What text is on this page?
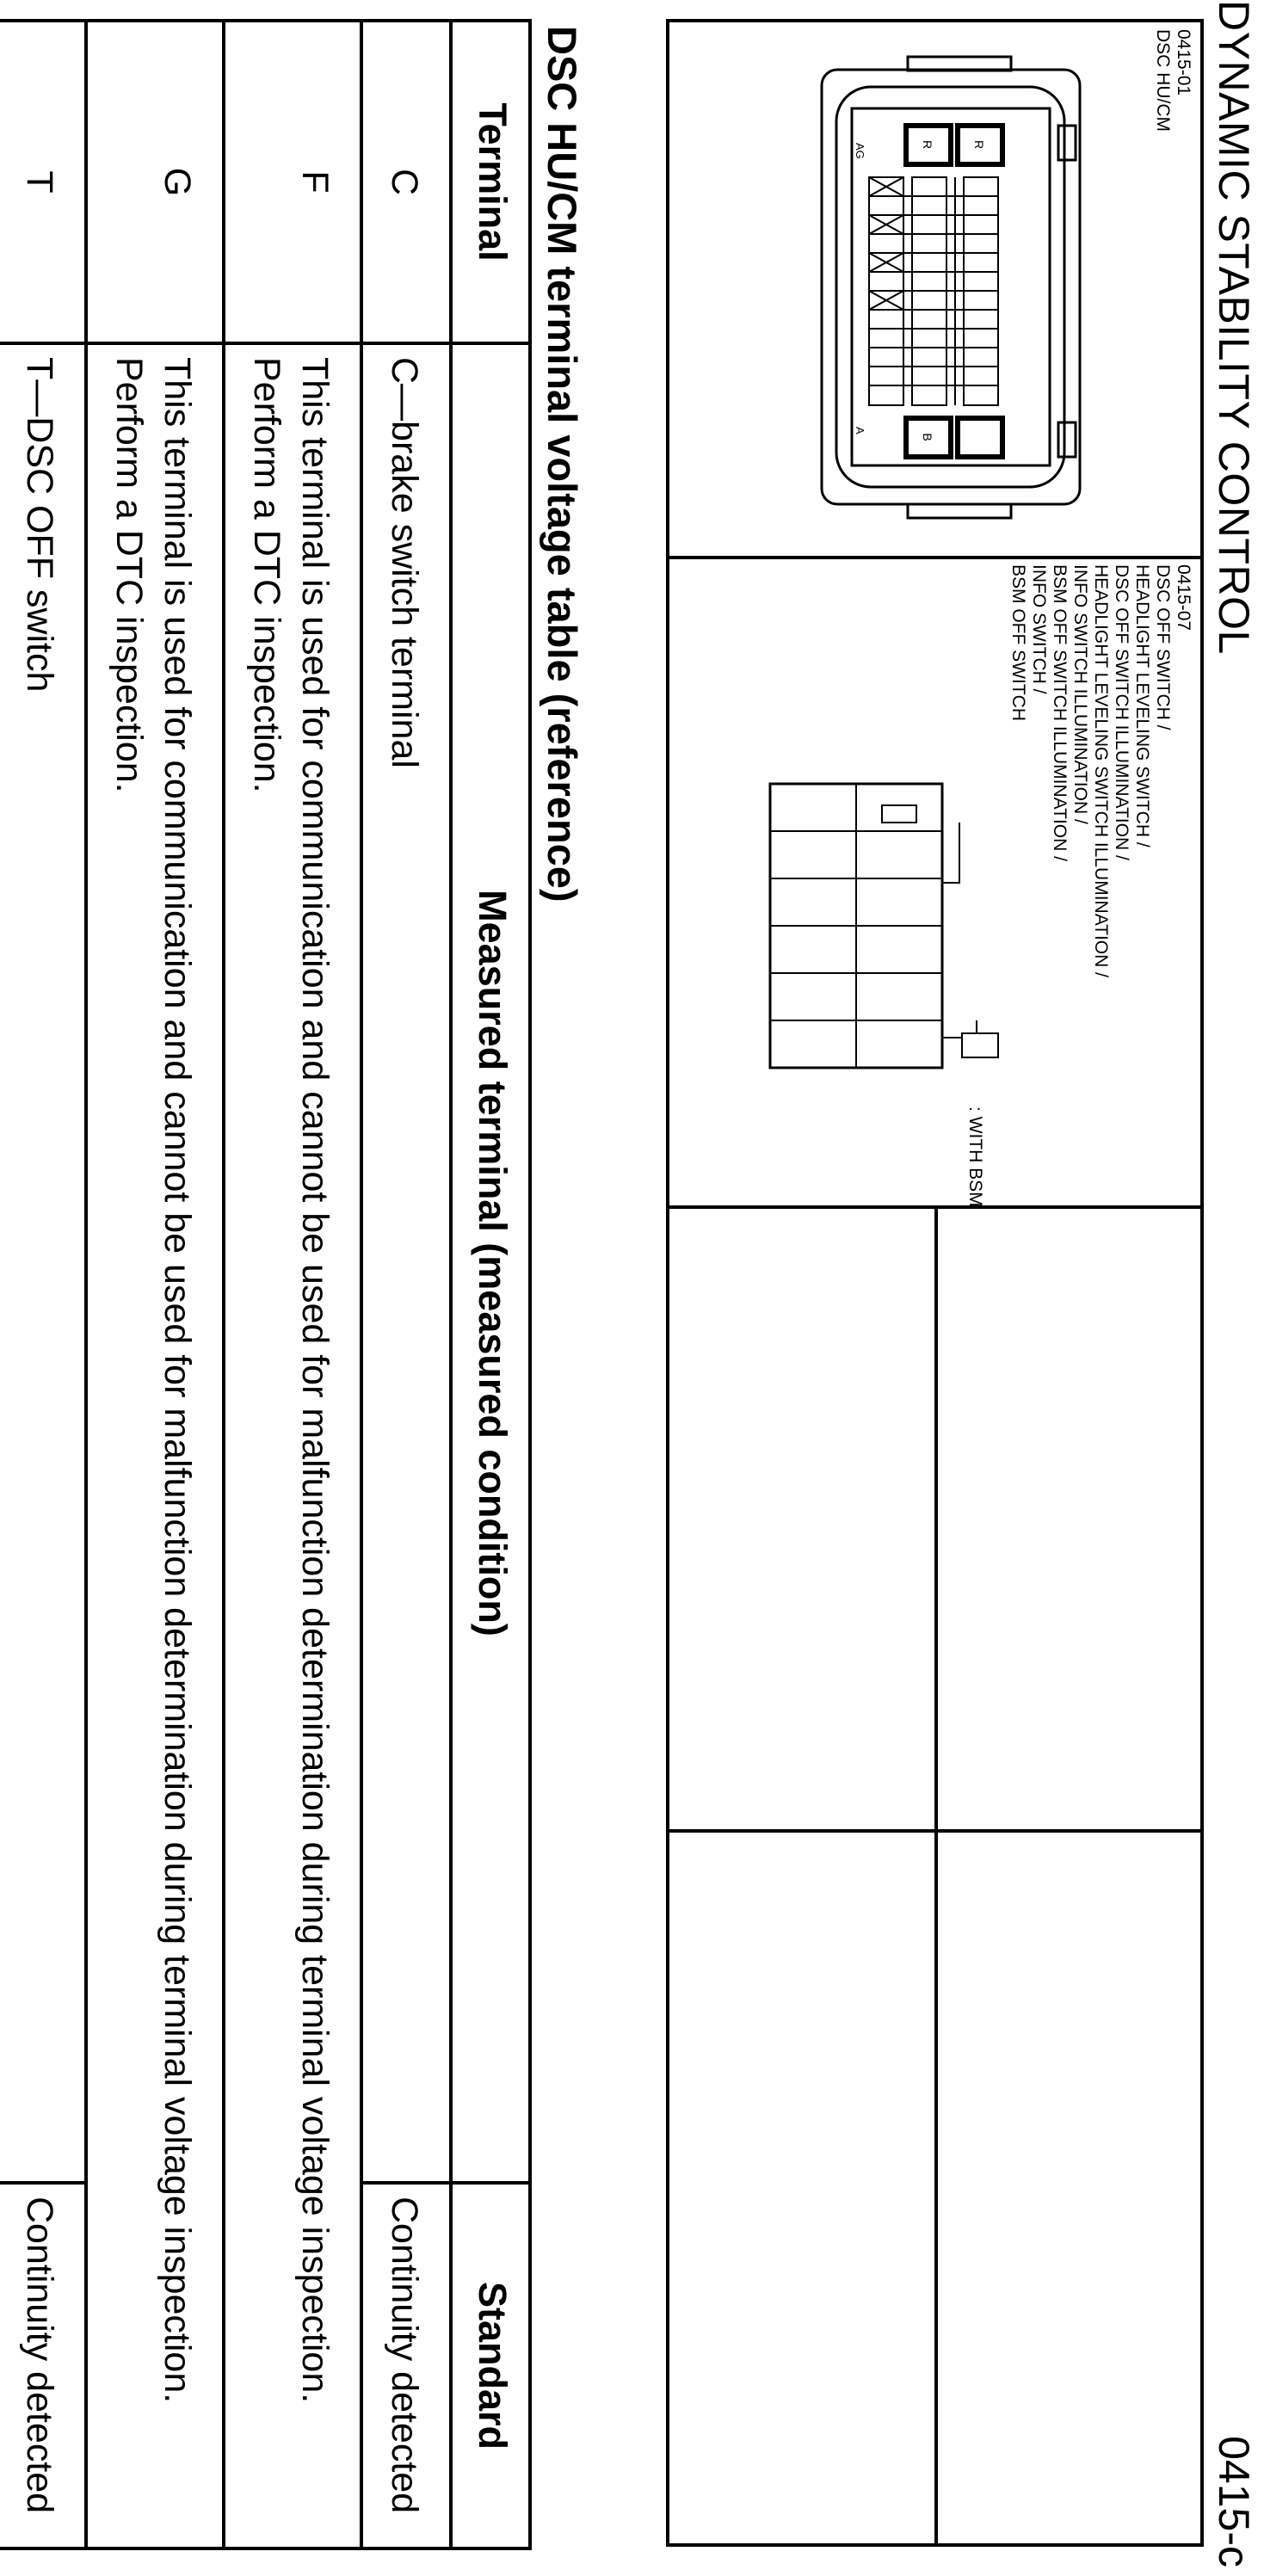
DYNAMIC STABILITY CONTROL
0415-c
0415-01
DSC HU/CM
R
R
B
AG
A
0415-07
DSC OFF SWITCH /
HEADLIGHT LEVELING SWITCH /
DSC OFF SWITCH ILLUMINATION /
HEADLIGHT LEVELING SWITCH ILLUMINATION /
INFO SWITCH ILLUMINATION /
BSM OFF SWITCH ILLUMINATION /
INFO SWITCH /
BSM OFF SWITCH
: WITH BSM
DSC HU/CM terminal voltage table (reference)		
Terminal	Measured terminal (measured condition)	Standard
C	C—brake switch terminal	Continuity detected
F	This terminal is used for communication and cannot be used for malfunction determination during terminal voltage inspection. Perform a DTC inspection.	
G	This terminal is used for communication and cannot be used for malfunction determination during terminal voltage inspection. Perform a DTC inspection.	
T	T—DSC OFF switch	Continuity detected
